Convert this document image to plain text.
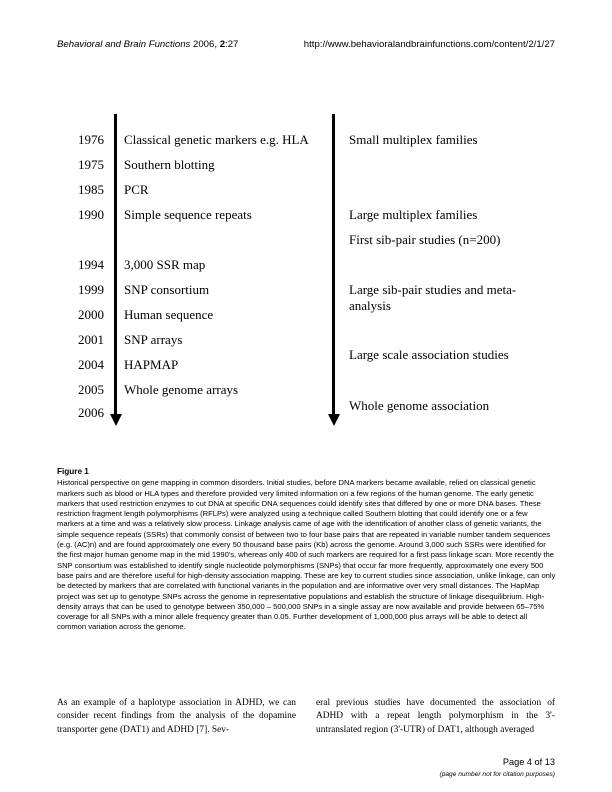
Behavioral and Brain Functions 2006, 2:27	http://www.behavioralandbrainfunctions.com/content/2/1/27
1976
1975
1985
1990
1994
1999
2000
2001
2004
2005
2006
Classical genetic markers e.g. HLA
Southern blotting
PCR
Simple sequence repeats
3,000 SSR map
SNP consortium
Human sequence
SNP arrays
HAPMAP
Whole genome arrays
Small multiplex families
Large multiplex families
First sib-pair studies (n=200)
Large sib-pair studies and meta-analysis
Large scale association studies
Whole genome association
Figure 1

Historical perspective on gene mapping in common disorders. Initial studies, before DNA markers became available, relied on classical genetic markers such as blood or HLA types and therefore provided very limited information on a few regions of the human genome. The early genetic markers that used restriction enzymes to cut DNA at specific DNA sequences could identify sites that differed by one or more DNA bases. These restriction fragment length polymorphisms (RFLPs) were analyzed using a technique called Southern blotting that could identify one or a few markers at a time and was a relatively slow process. Linkage analysis came of age with the identification of another class of genetic variants, the simple sequence repeats (SSRs) that commonly consist of between two to four base pairs that are repeated in variable number tandem sequences (e.g. (AC)n) and are found approximately one every 50 thousand base pairs (Kb) across the genome. Around 3,000 such SSRs were identified for the first major human genome map in the mid 1990's, whereas only 400 of such markers are required for a first pass linkage scan. More recently the SNP consortium was established to identify single nucleotide polymorphisms (SNPs) that occur far more frequently, approximately one every 500 base pairs and are therefore useful for high-density association mapping. These are key to current studies since association, unlike linkage, can only be detected by markers that are correlated with functional variants in the population and are informative over very small distances. The HapMap project was set up to genotype SNPs across the genome in representative populations and establish the structure of linkage disequilibrium. High-density arrays that can be used to genotype between 350,000 – 500,000 SNPs in a single assay are now available and provide between 65–75% coverage for all SNPs with a minor allele frequency greater than 0.05. Further development of 1,000,000 plus arrays will be able to detect all common variation across the genome.

As an example of a haplotype association in ADHD, we can consider recent findings from the analysis of the dopamine transporter gene (DAT1) and ADHD [7]. Sev-

eral previous studies have documented the association of ADHD with a repeat length polymorphism in the 3'-untranslated region (3'-UTR) of DAT1, although averaged

Page 4 of 13
(page number not for citation purposes)
